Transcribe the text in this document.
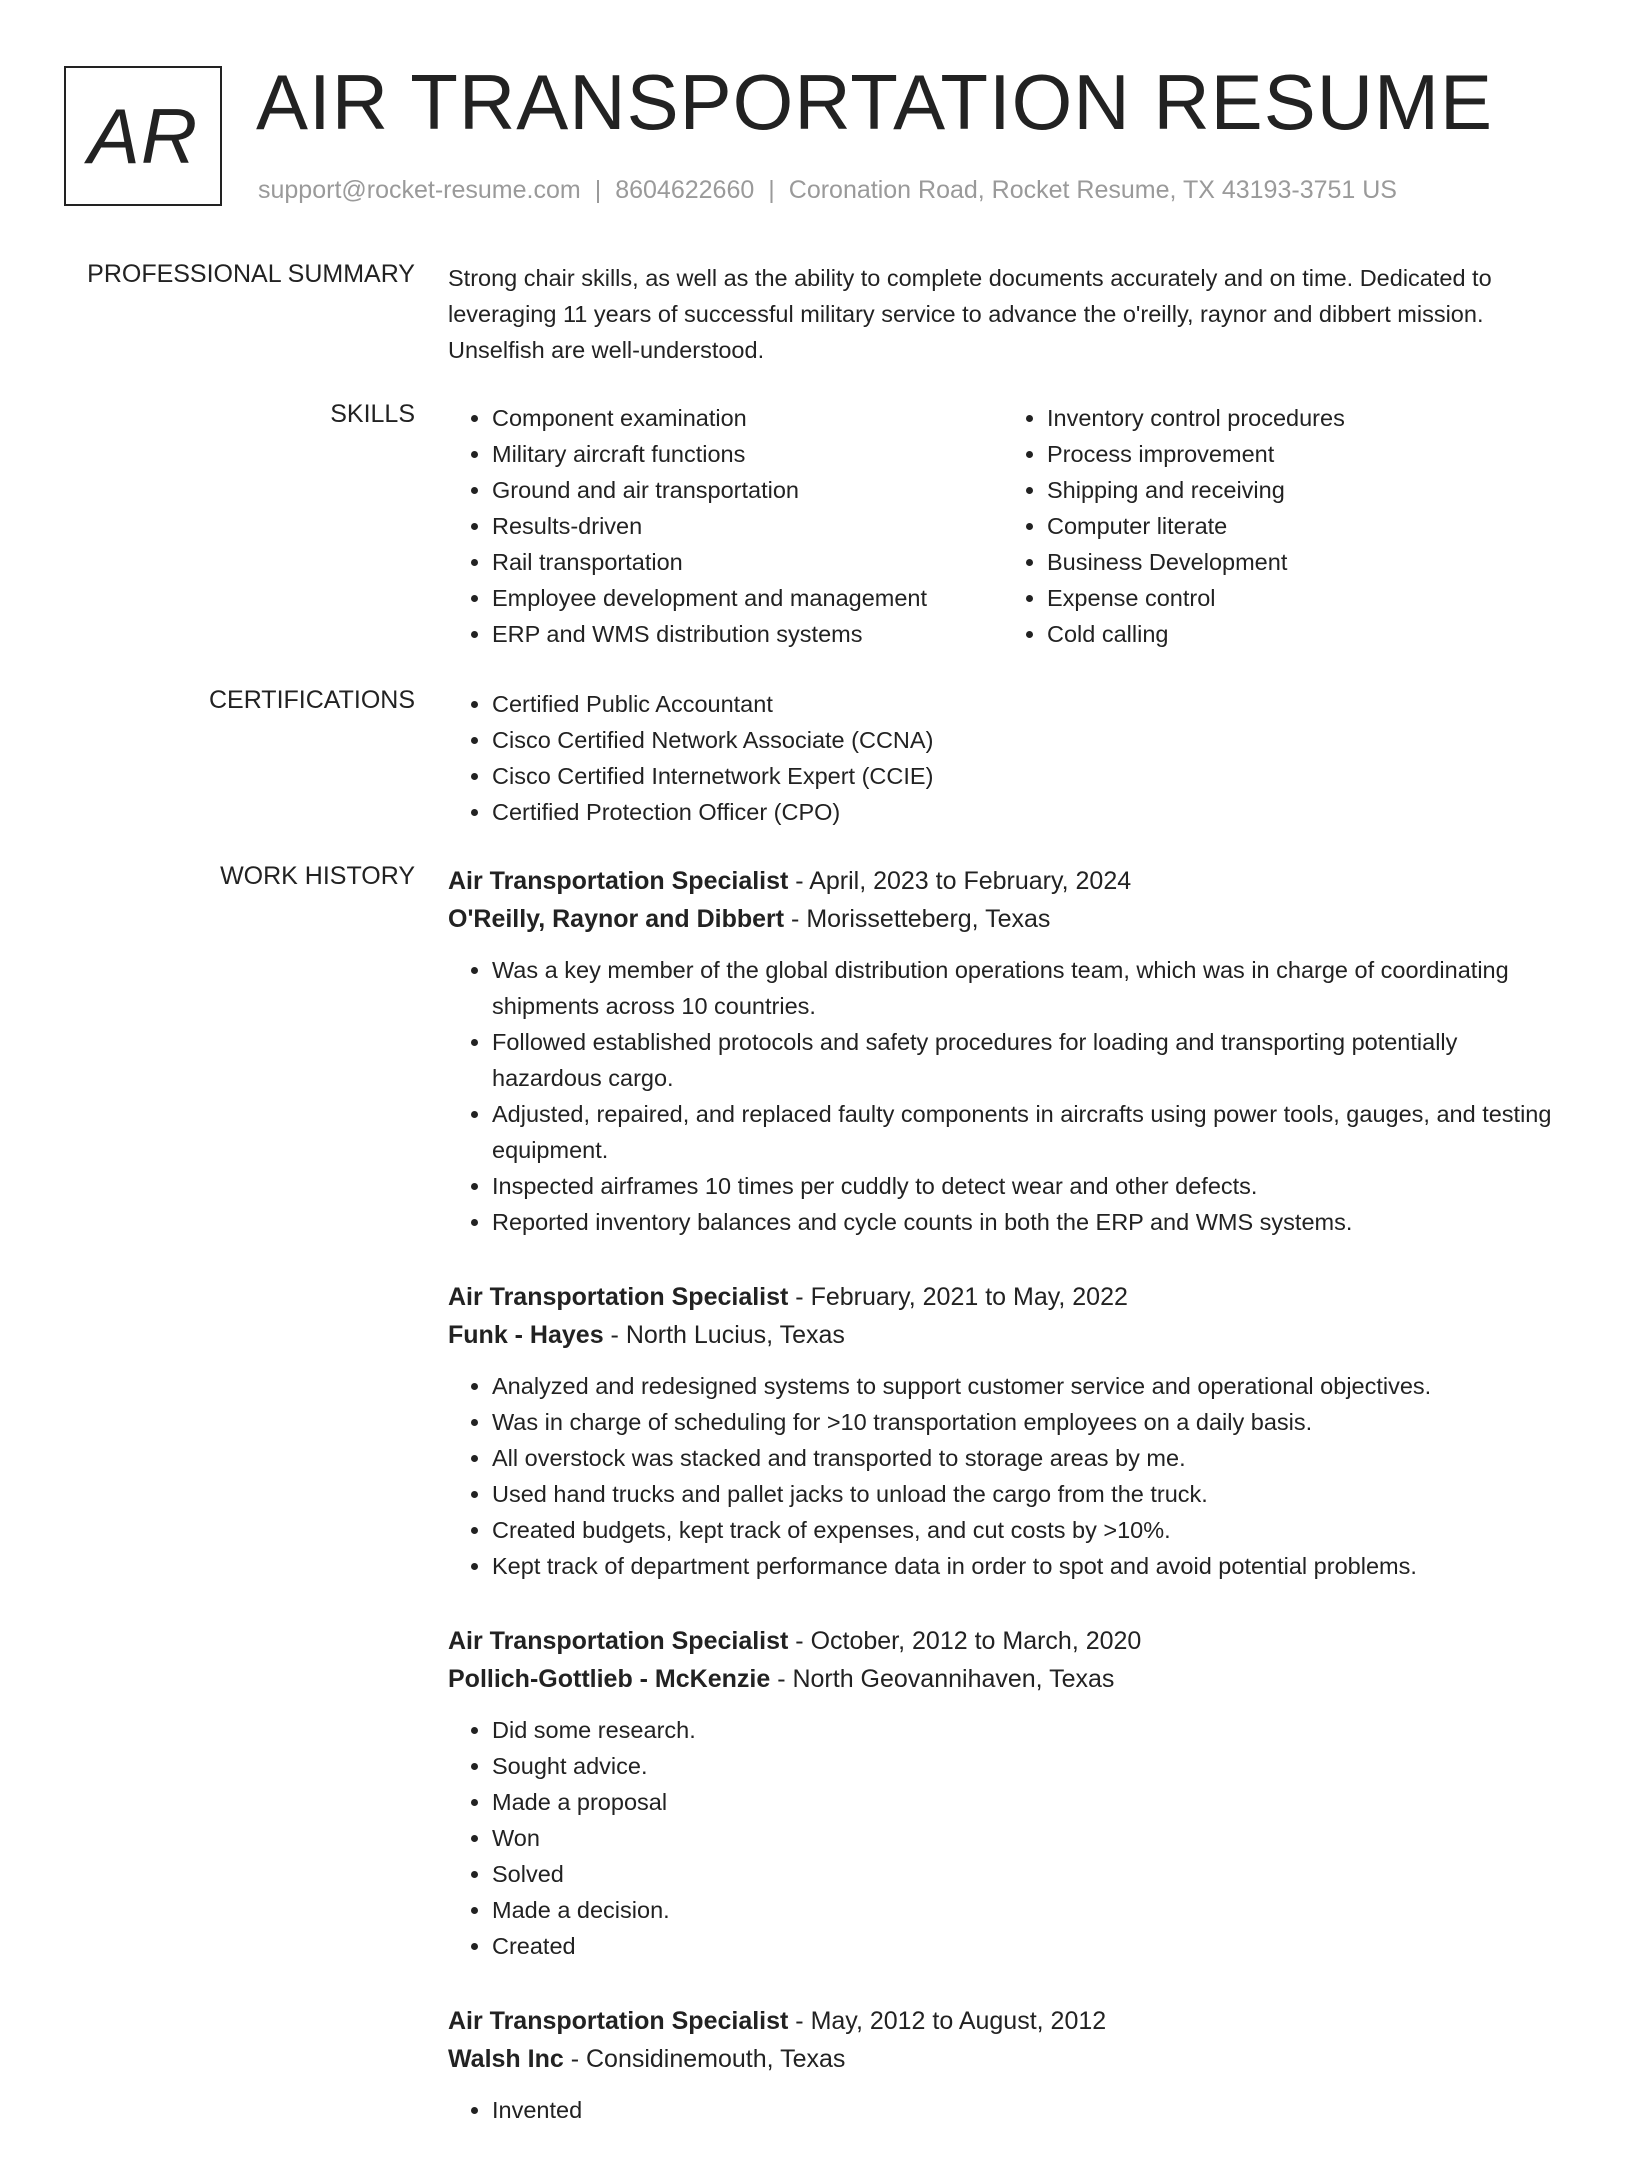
AR AIR TRANSPORTATION RESUME
support@rocket-resume.com | 8604622660 | Coronation Road, Rocket Resume, TX 43193-3751 US
PROFESSIONAL SUMMARY Strong chair skills, as well as the ability to complete documents accurately and on time. Dedicated to leveraging 11 years of successful military service to advance the o'reilly, raynor and dibbert mission. Unselfish are well-understood.

SKILLS	• Component examination
• Military aircraft functions
• Ground and air transportation
• Results-driven
• Rail transportation
• Employee development and management
• ERP and WMS distribution systems
• Inventory control procedures
• Process improvement
• Shipping and receiving
• Computer literate
• Business Development
• Expense control
• Cold calling
CERTIFICATIONS	• Certified Public Accountant
• Cisco Certified Network Associate (CCNA)
• Cisco Certified Internetwork Expert (CCIE)
• Certified Protection Officer (CPO)
WORK HISTORY Air Transportation Specialist - April, 2023 to February, 2024
O'Reilly, Raynor and Dibbert - Morissetteberg, Texas
• Was a key member of the global distribution operations team, which was in charge of coordinating shipments across 10 countries.
• Followed established protocols and safety procedures for loading and transporting potentially hazardous cargo.
• Adjusted, repaired, and replaced faulty components in aircrafts using power tools, gauges, and testing equipment.
• Inspected airframes 10 times per cuddly to detect wear and other defects.
• Reported inventory balances and cycle counts in both the ERP and WMS systems.
Air Transportation Specialist - February, 2021 to May, 2022
Funk - Hayes - North Lucius, Texas
• Analyzed and redesigned systems to support customer service and operational objectives.
• Was in charge of scheduling for >10 transportation employees on a daily basis.
• All overstock was stacked and transported to storage areas by me.
• Used hand trucks and pallet jacks to unload the cargo from the truck.
• Created budgets, kept track of expenses, and cut costs by >10%.
• Kept track of department performance data in order to spot and avoid potential problems.
Air Transportation Specialist - October, 2012 to March, 2020
Pollich-Gottlieb - McKenzie - North Geovannihaven, Texas
• Did some research.
• Sought advice.
• Made a proposal
• Won
• Solved
• Made a decision.
• Created
Air Transportation Specialist - May, 2012 to August, 2012
Walsh Inc - Considinemouth, Texas
• Invented
